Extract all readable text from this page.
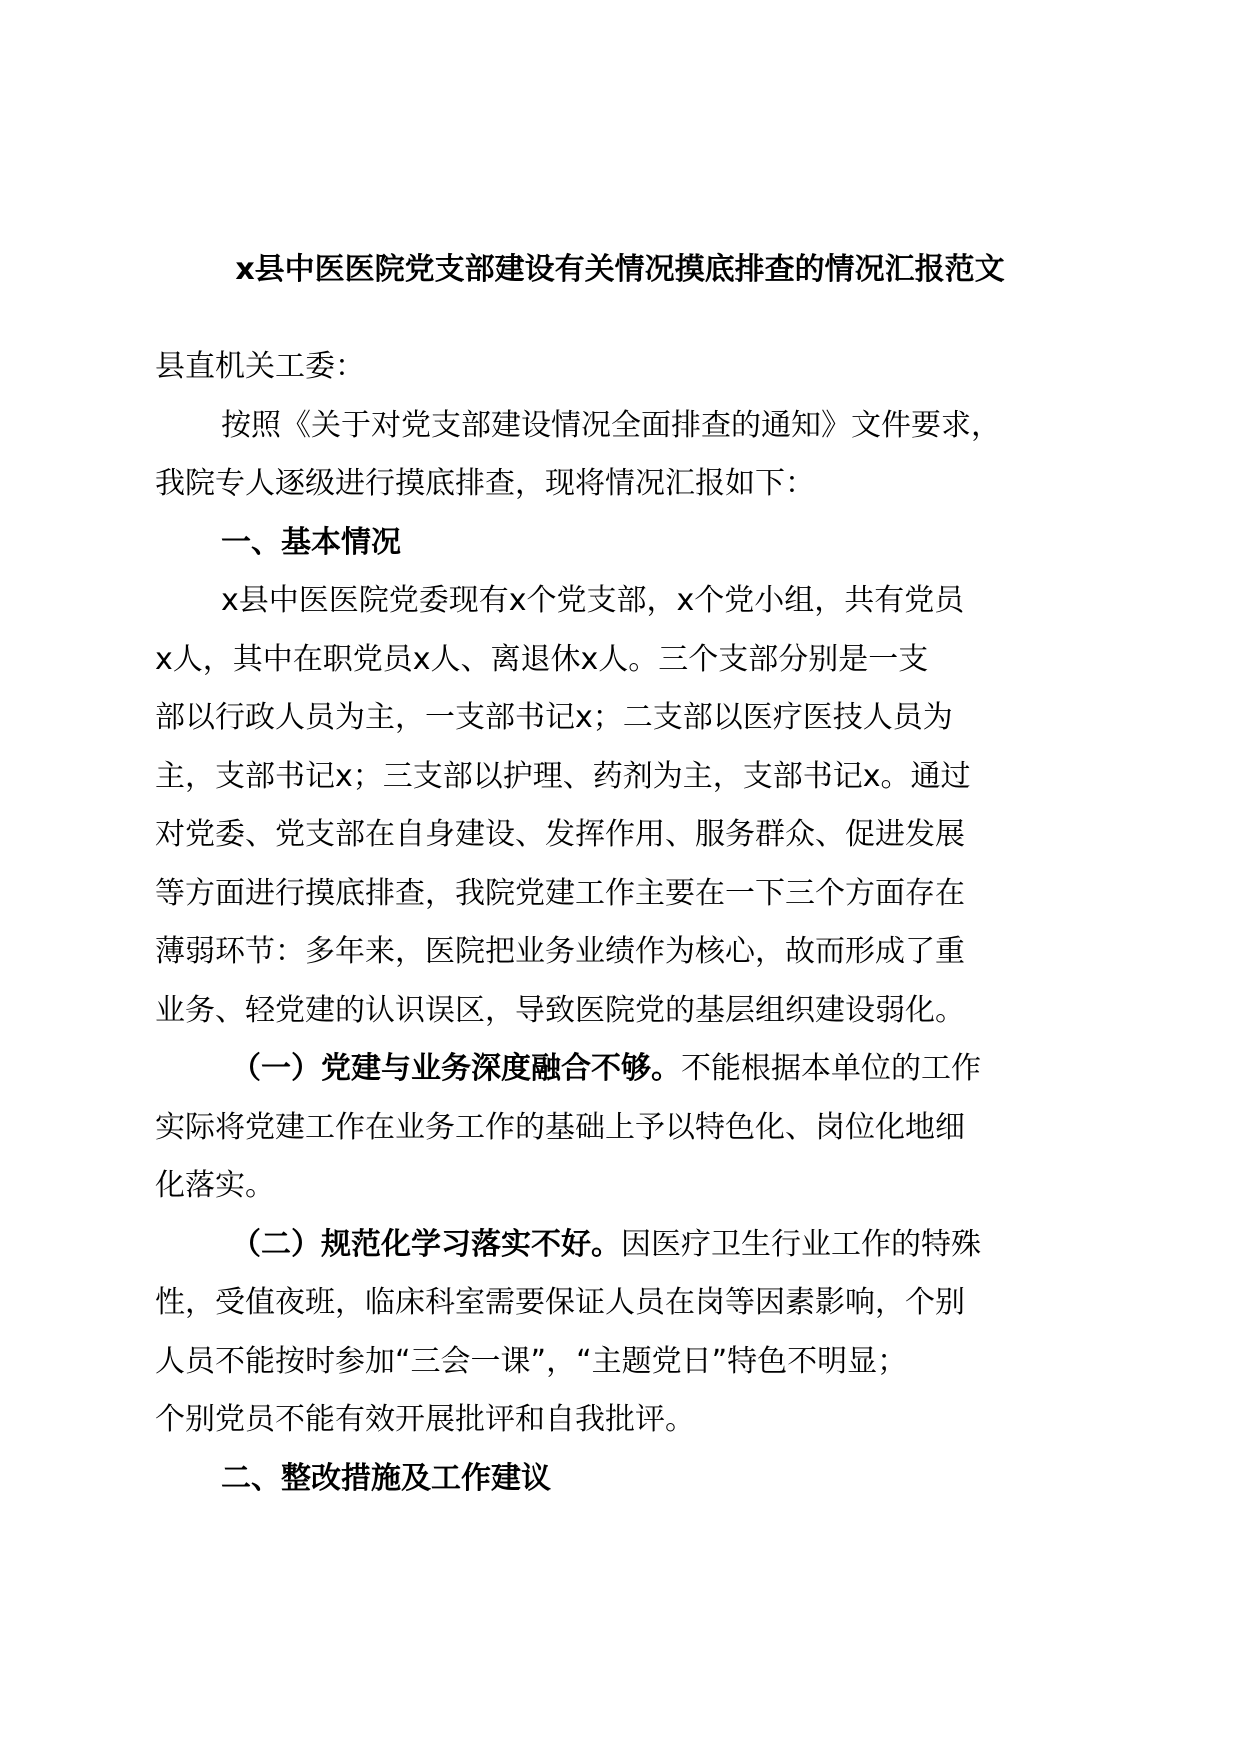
x县中医医院党支部建设有关情况摸底排查的情况汇报范文
县直机关工委：
按照《关于对党支部建设情况全面排查的通知》文件要求，
我院专人逐级进行摸底排查，现将情况汇报如下：
一、基本情况
x县中医医院党委现有x个党支部，x个党小组，共有党员
x人，其中在职党员x人、离退休x人。三个支部分别是一支
部以行政人员为主，一支部书记x；二支部以医疗医技人员为
主，支部书记x；三支部以护理、药剂为主，支部书记x。通过
对党委、党支部在自身建设、发挥作用、服务群众、促进发展
等方面进行摸底排查，我院党建工作主要在一下三个方面存在
薄弱环节：多年来，医院把业务业绩作为核心，故而形成了重
业务、轻党建的认识误区，导致医院党的基层组织建设弱化。
（一）党建与业务深度融合不够。不能根据本单位的工作
实际将党建工作在业务工作的基础上予以特色化、岗位化地细
化落实。
（二）规范化学习落实不好。因医疗卫生行业工作的特殊
性，受值夜班，临床科室需要保证人员在岗等因素影响，个别
人员不能按时参加“三会一课”，“主题党日”特色不明显；
个别党员不能有效开展批评和自我批评。
二、整改措施及工作建议
